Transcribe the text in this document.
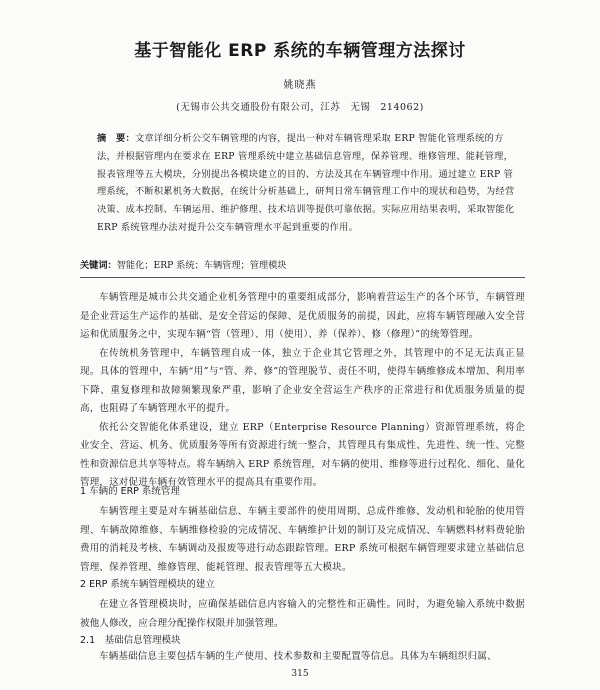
基于智能化 ERP 系统的车辆管理方法探讨
姚晓燕
(无锡市公共交通股份有限公司，江苏　无锡　214062)
摘　要：文章详细分析公交车辆管理的内容，提出一种对车辆管理采取 ERP 智能化管理系统的方法，并根据管理内在要求在 ERP 管理系统中建立基础信息管理，保养管理、维修管理、能耗管理，报表管理等五大模块，分别提出各模块建立的目的、方法及其在车辆管理中作用。通过建立 ERP 管理系统，不断积累机务大数据，在统计分析基础上，研判日常车辆管理工作中的现状和趋势，为经营决策、成本控制、车辆运用、维护修理、技术培训等提供可靠依据。实际应用结果表明，采取智能化 ERP 系统管理办法对提升公交车辆管理水平起到重要的作用。
关键词：智能化；ERP 系统；车辆管理；管理模块

车辆管理是城市公共交通企业机务管理中的重要组成部分，影响着营运生产的各个环节，车辆管理是企业营运生产运作的基础、是安全营运的保障、是优质服务的前提，因此，应将车辆管理融入安全营运和优质服务之中，实现车辆“管（管理）、用（使用）、养（保养）、修（修理）”的统筹管理。

在传统机务管理中，车辆管理自成一体，独立于企业其它管理之外，其管理中的不足无法真正显现。具体的管理中，车辆“用”与“管、养、修”的管理脱节、责任不明，使得车辆维修成本增加、利用率下降、重复修理和故障频繁现象严重，影响了企业安全营运生产秩序的正常进行和优质服务质量的提高，也阻碍了车辆管理水平的提升。

依托公交智能化体系建设，建立 ERP（Enterprise Resource Planning）资源管理系统，将企业安全、营运、机务、优质服务等所有资源进行统一整合，其管理具有集成性、先进性、统一性、完整性和资源信息共享等特点。将车辆纳入 ERP 系统管理，对车辆的使用、维修等进行过程化、细化、量化管理，这对促进车辆有效管理水平的提高具有重要作用。

1 车辆的 ERP 系统管理

车辆管理主要是对车辆基础信息、车辆主要部件的使用周期、总成件维修、发动机和轮胎的使用管理、车辆故障维修、车辆维修检验的完成情况、车辆维护计划的制订及完成情况、车辆燃料材料费轮胎费用的消耗及考核、车辆调动及报废等进行动态跟踪管理。ERP 系统可根据车辆管理要求建立基础信息管理、保养管理、维修管理、能耗管理、报表管理等五大模块。

2 ERP 系统车辆管理模块的建立

在建立各管理模块时，应确保基础信息内容输入的完整性和正确性。同时，为避免输入系统中数据被他人修改，应合理分配操作权限并加强管理。

2.1　基础信息管理模块

车辆基础信息主要包括车辆的生产使用、技术参数和主要配置等信息。具体为车辆组织归属、

315
